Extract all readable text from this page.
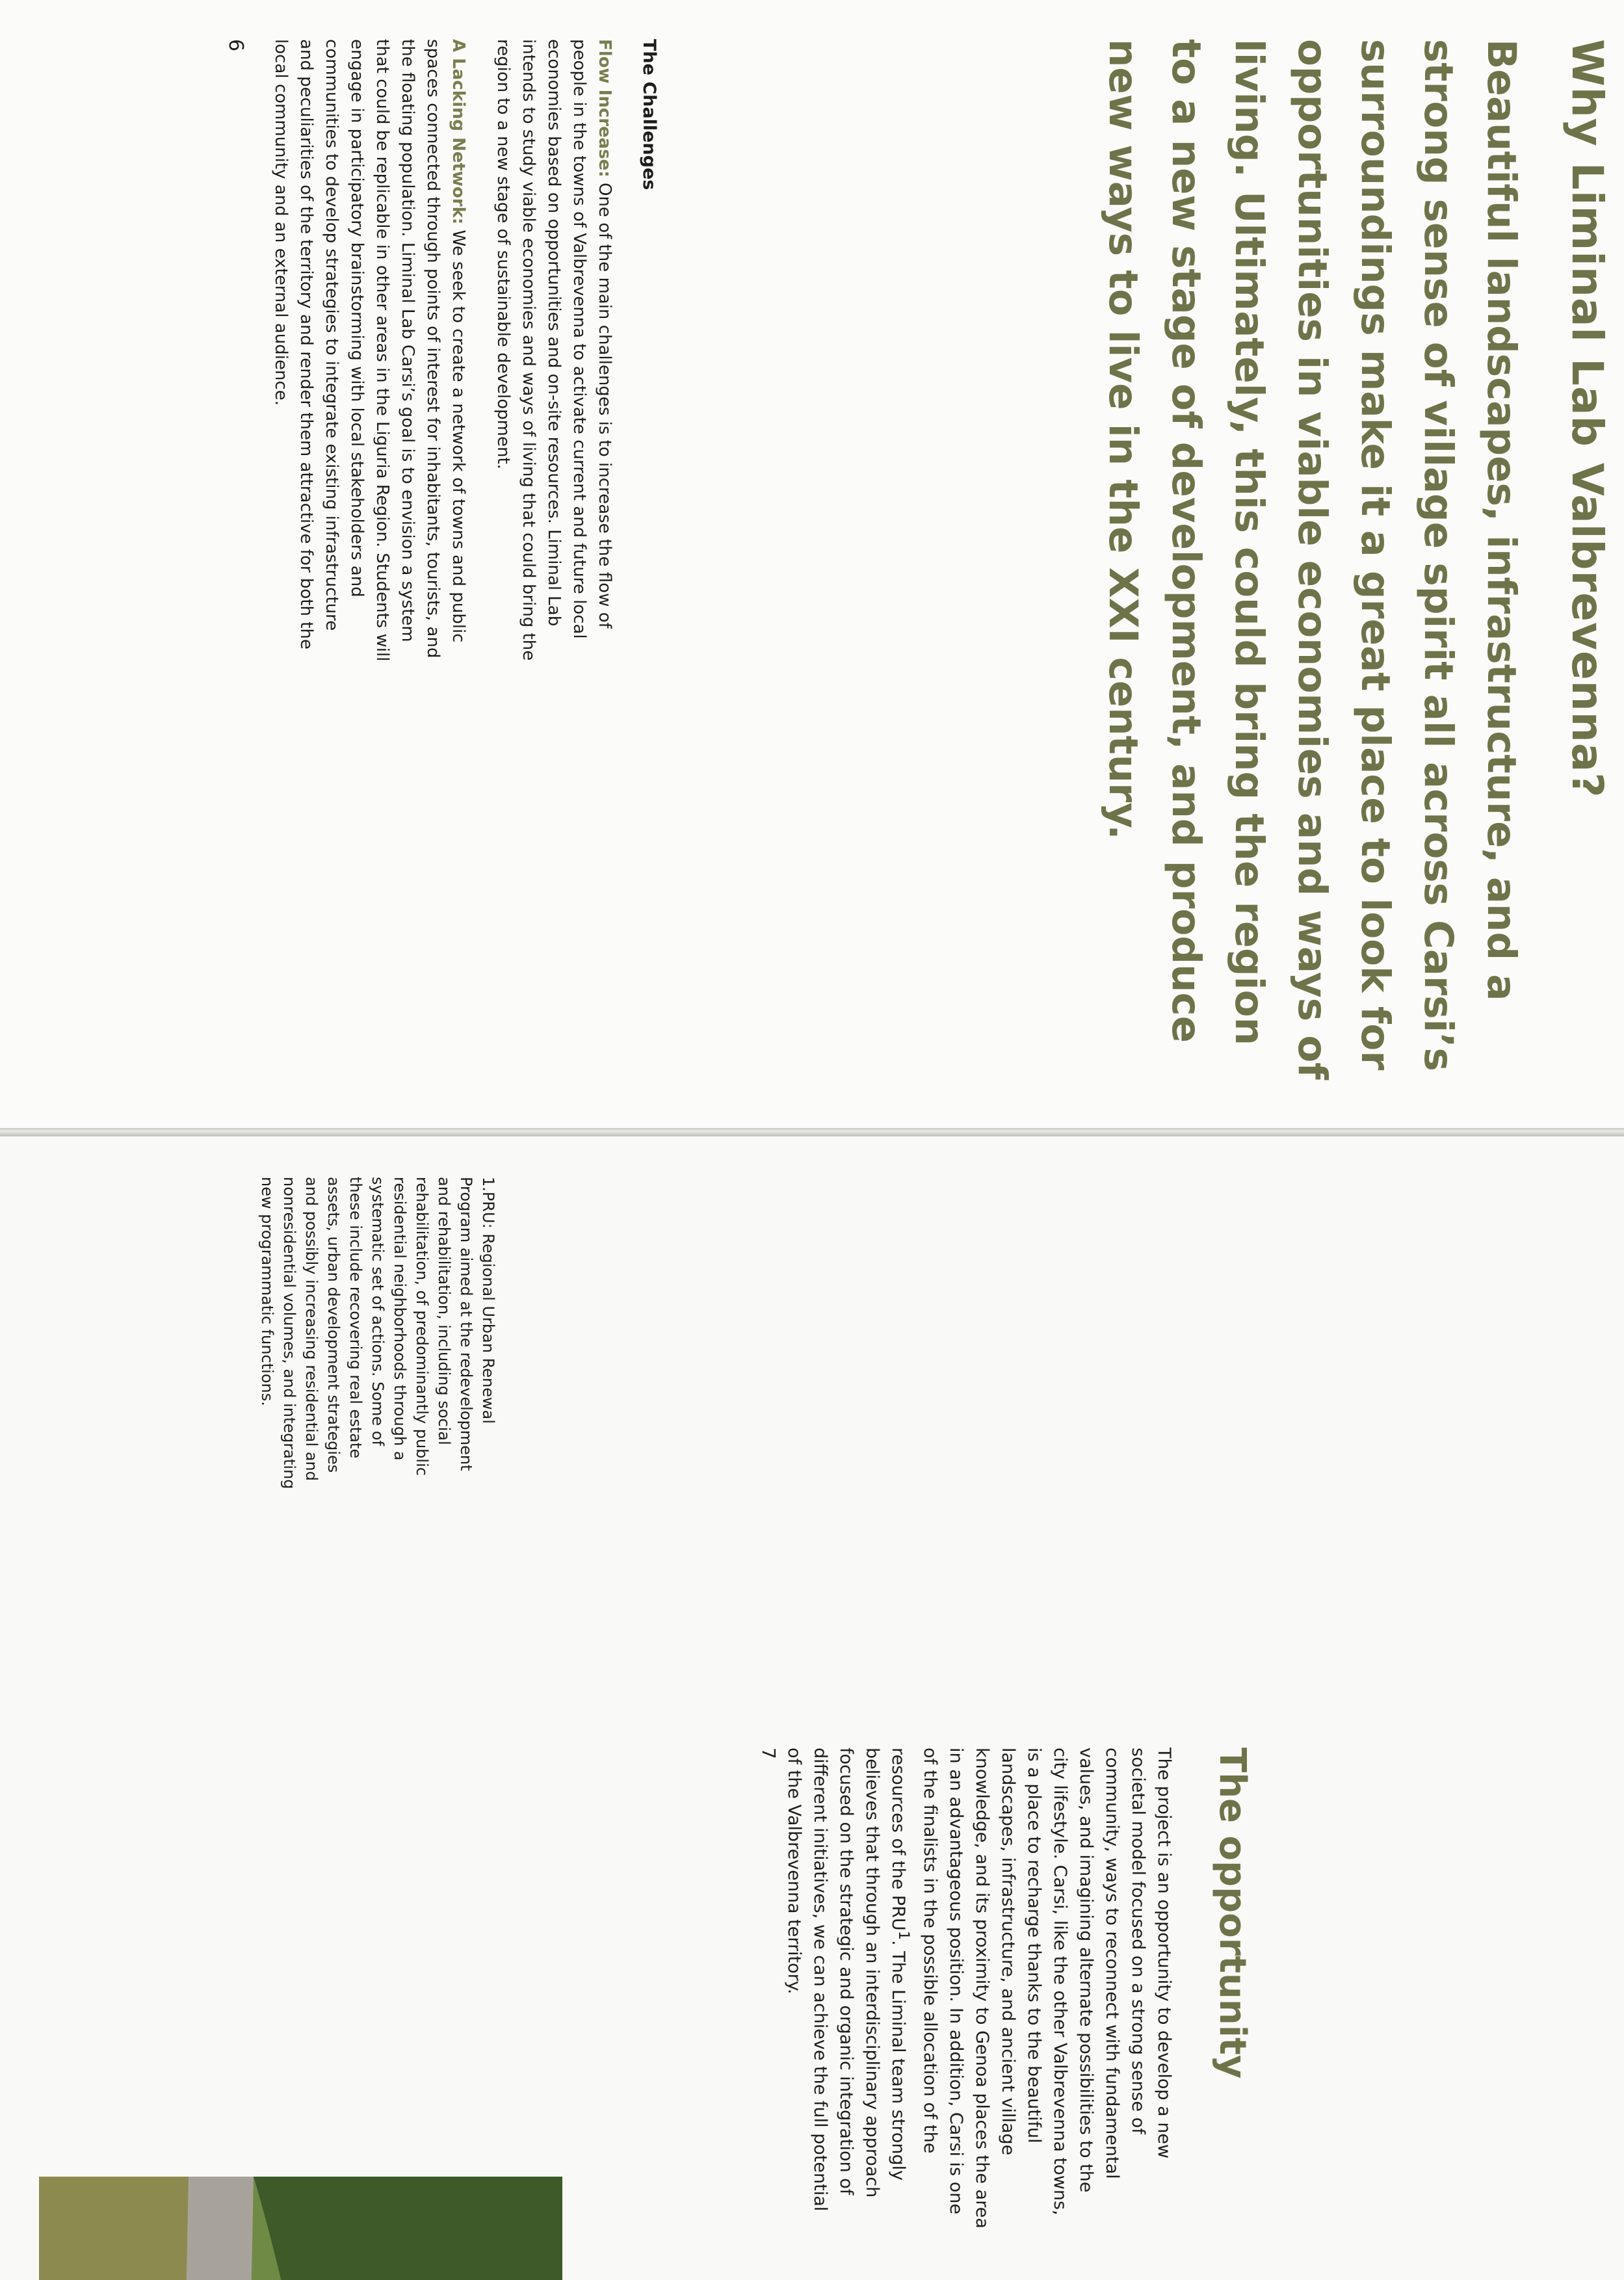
Why Liminal Lab Valbrevenna?

Beautiful landscapes, infrastructure, and a strong sense of village spirit all across Carsi’s surroundings make it a great place to look for opportunities in viable economies and ways of living. Ultimately, this could bring the region to a new stage of development, and produce new ways to live in the XXI century.

The Challenges

Flow Increase: One of the main challenges is to increase the flow of people in the towns of Valbrevenna to activate current and future local economies based on opportunities and on-site resources. Liminal Lab intends to study viable economies and ways of living that could bring the region to a new stage of sustainable development.

A Lacking Network: We seek to create a network of towns and public spaces connected through points of interest for inhabitants, tourists, and the floating population. Liminal Lab Carsi’s goal is to envision a system that could be replicable in other areas in the Liguria Region. Students will engage in participatory brainstorming with local stakeholders and communities to develop strategies to integrate existing infrastructure and peculiarities of the territory and render them attractive for both the local community and an external audience.

6

1.PRU: Regional Urban Renewal Program aimed at the redevelopment and rehabilitation, including social rehabilitation, of predominantly public residential neighborhoods through a systematic set of actions. Some of these include recovering real estate assets, urban development strategies and possibly increasing residential and nonresidential volumes, and integrating new programmatic functions.

The opportunity

The project is an opportunity to develop a new societal model focused on a strong sense of community, ways to reconnect with fundamental values, and imagining alternate possibilities to the city lifestyle. Carsi, like the other Valbrevenna towns, is a place to recharge thanks to the beautiful landscapes, infrastructure, and ancient village knowledge, and its proximity to Genoa places the area in an advantageous position. In addition, Carsi is one of the finalists in the possible allocation of the resources of the PRU$^1$. The Liminal team strongly believes that through an interdisciplinary approach focused on the strategic and organic integration of different initiatives, we can achieve the full potential of the Valbrevenna territory.

7
